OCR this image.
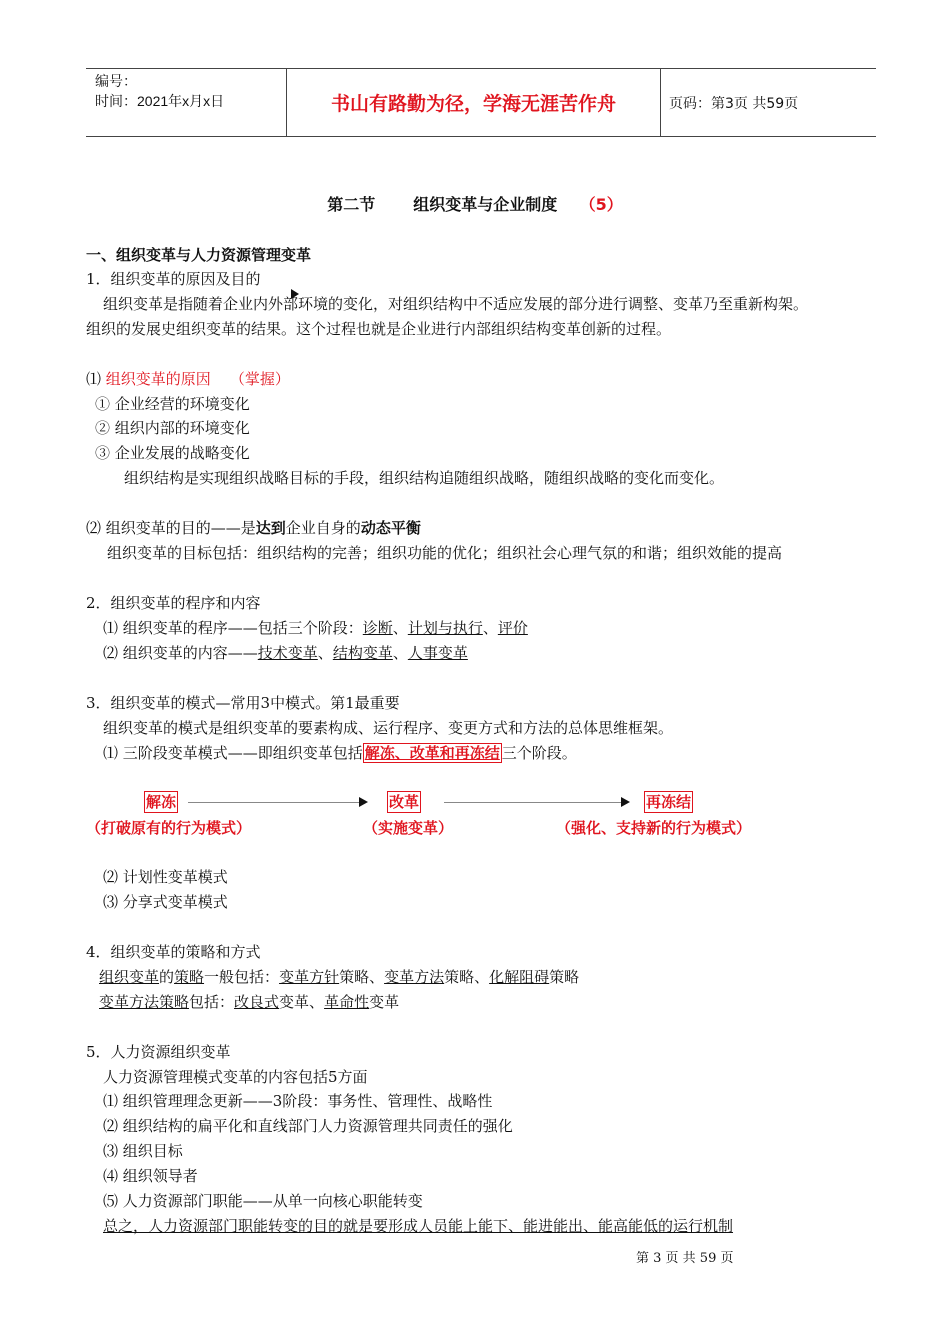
编号：
时间：2021年x月x日	书山有路勤为径，学海无涯苦作舟	页码：第3页 共59页
第二节 组织变革与企业制度 （5）
一、组织变革与人力资源管理变革
1．组织变革的原因及目的
组织变革是指随着企业内外部环境的变化，对组织结构中不适应发展的部分进行调整、变革乃至重新构架。
组织的发展史组织变革的结果。这个过程也就是企业进行内部组织结构变革创新的过程。
⑴ 组织变革的原因 （掌握）
① 企业经营的环境变化
② 组织内部的环境变化
③ 企业发展的战略变化
组织结构是实现组织战略目标的手段，组织结构追随组织战略，随组织战略的变化而变化。
⑵ 组织变革的目的——是达到企业自身的动态平衡
组织变革的目标包括：组织结构的完善；组织功能的优化；组织社会心理气氛的和谐；组织效能的提高
2．组织变革的程序和内容
⑴ 组织变革的程序——包括三个阶段：诊断、计划与执行、评价
⑵ 组织变革的内容——技术变革、结构变革、人事变革
3．组织变革的模式—常用3中模式。第1最重要
组织变革的模式是组织变革的要素构成、运行程序、变更方式和方法的总体思维框架。
⑴ 三阶段变革模式——即组织变革包括 解冻、改革和再冻结 三个阶段。
解冻	改革	再冻结
（打破原有的行为模式）	（实施变革）	（强化、支持新的行为模式）
⑵ 计划性变革模式
⑶ 分享式变革模式
4．组织变革的策略和方式
组织变革的策略一般包括：变革方针策略、变革方法策略、化解阻碍策略
变革方法策略包括：改良式变革、革命性变革
5．人力资源组织变革
人力资源管理模式变革的内容包括5方面
⑴ 组织管理理念更新——3阶段：事务性、管理性、战略性
⑵ 组织结构的扁平化和直线部门人力资源管理共同责任的强化
⑶ 组织目标
⑷ 组织领导者
⑸ 人力资源部门职能——从单一向核心职能转变
总之，人力资源部门职能转变的目的就是要形成人员能上能下、能进能出、能高能低的运行机制
第 3 页 共 59 页
